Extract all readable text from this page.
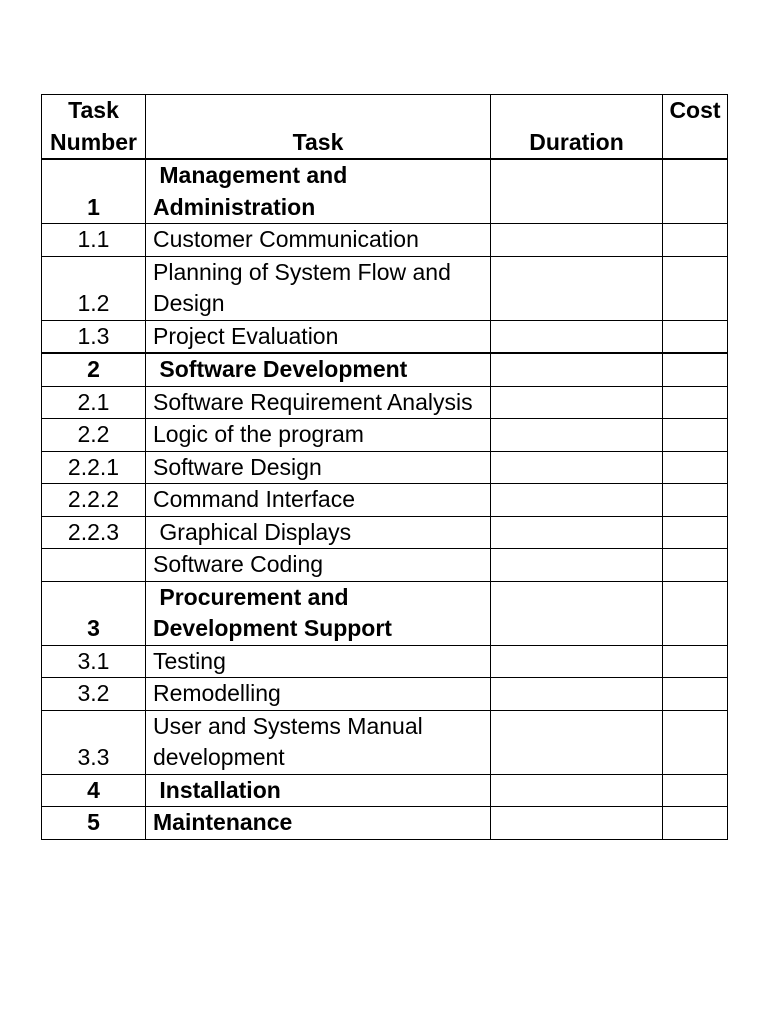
Task
Number	Task	Duration	Cost

1	Management and
Administration		

1.1	Customer Communication		

1.2	Planning of System Flow and
Design		

1.3	Project Evaluation		

2	Software Development		

2.1	Software Requirement Analysis		

2.2	Logic of the program		

2.2.1	Software Design		

2.2.2	Command Interface		

2.2.3	Graphical Displays		

	Software Coding		

3	Procurement and
Development Support		

3.1	Testing		

3.2	Remodelling		

3.3	User and Systems Manual
development		

4	Installation		

5	Maintenance		
